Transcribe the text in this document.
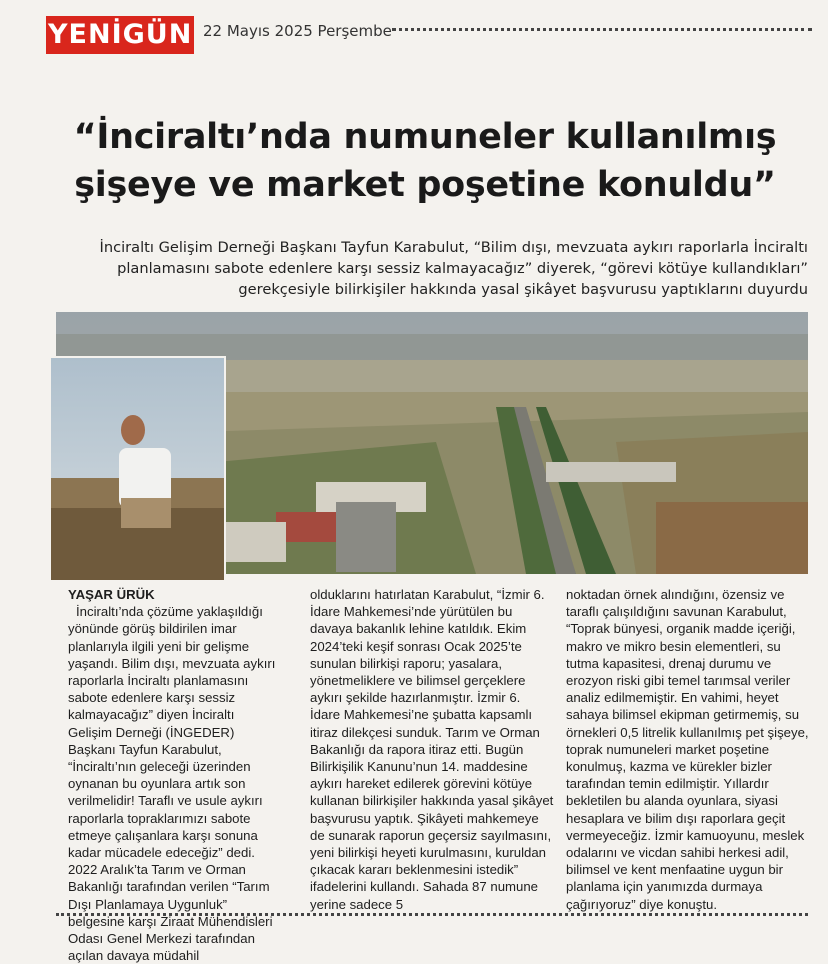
YENİGÜN 22 Mayıs 2025 Perşembe
“İnciraltı’nda numuneler kullanılmış şişeye ve market poşetine konuldu”
İnciraltı Gelişim Derneği Başkanı Tayfun Karabulut, “Bilim dışı, mevzuata aykırı raporlarla İnciraltı planlamasını sabote edenlere karşı sessiz kalmayacağız” diyerek, “görevi kötüye kullandıkları” gerekçesiyle bilirkişiler hakkında yasal şikâyet başvurusu yaptıklarını duyurdu

YAŞAR ÜRÜK

İnciraltı’nda çözüme yaklaşıldığı yönünde görüş bildirilen imar planlarıyla ilgili yeni bir gelişme yaşandı. Bilim dışı, mevzuata aykırı raporlarla İnciraltı planlamasını sabote edenlere karşı sessiz kalmayacağız” diyen İnciraltı Gelişim Derneği (İNGEDER) Başkanı Tayfun Karabulut, “İnciraltı’nın geleceği üzerinden oynanan bu oyunlara artık son verilmelidir! Taraflı ve usule aykırı raporlarla topraklarımızı sabote etmeye çalışanlara karşı sonuna kadar mücadele edeceğiz” dedi. 2022 Aralık’ta Tarım ve Orman Bakanlığı tarafından verilen “Tarım Dışı Planlamaya Uygunluk” belgesine karşı Ziraat Mühendisleri Odası Genel Merkezi tarafından açılan davaya müdahil

olduklarını hatırlatan Karabulut, “İzmir 6. İdare Mahkemesi’nde yürütülen bu davaya bakanlık lehine katıldık. Ekim 2024’teki keşif sonrası Ocak 2025’te sunulan bilirkişi raporu; yasalara, yönetmeliklere ve bilimsel gerçeklere aykırı şekilde hazırlanmıştır. İzmir 6. İdare Mahkemesi’ne şubatta kapsamlı itiraz dilekçesi sunduk. Tarım ve Orman Bakanlığı da rapora itiraz etti. Bugün Bilirkişilik Kanunu’nun 14. maddesine aykırı hareket edilerek görevini kötüye kullanan bilirkişiler hakkında yasal şikâyet başvurusu yaptık. Şikâyeti mahkemeye de sunarak raporun geçersiz sayılmasını, yeni bilirkişi heyeti kurulmasını, kuruldan çıkacak kararı beklenmesini istedik” ifadelerini kullandı. Sahada 87 numune yerine sadece 5

noktadan örnek alındığını, özensiz ve taraflı çalışıldığını savunan Karabulut, “Toprak bünyesi, organik madde içeriği, makro ve mikro besin elementleri, su tutma kapasitesi, drenaj durumu ve erozyon riski gibi temel tarımsal veriler analiz edilmemiştir. En vahimi, heyet sahaya bilimsel ekipman getirmemiş, su örnekleri 0,5 litrelik kullanılmış pet şişeye, toprak numuneleri market poşetine konulmuş, kazma ve kürekler bizler tarafından temin edilmiştir. Yıllardır bekletilen bu alanda oyunlara, siyasi hesaplara ve bilim dışı raporlara geçit vermeyeceğiz. İzmir kamuoyunu, meslek odalarını ve vicdan sahibi herkesi adil, bilimsel ve kent menfaatine uygun bir planlama için yanımızda durmaya çağırıyoruz” diye konuştu.
